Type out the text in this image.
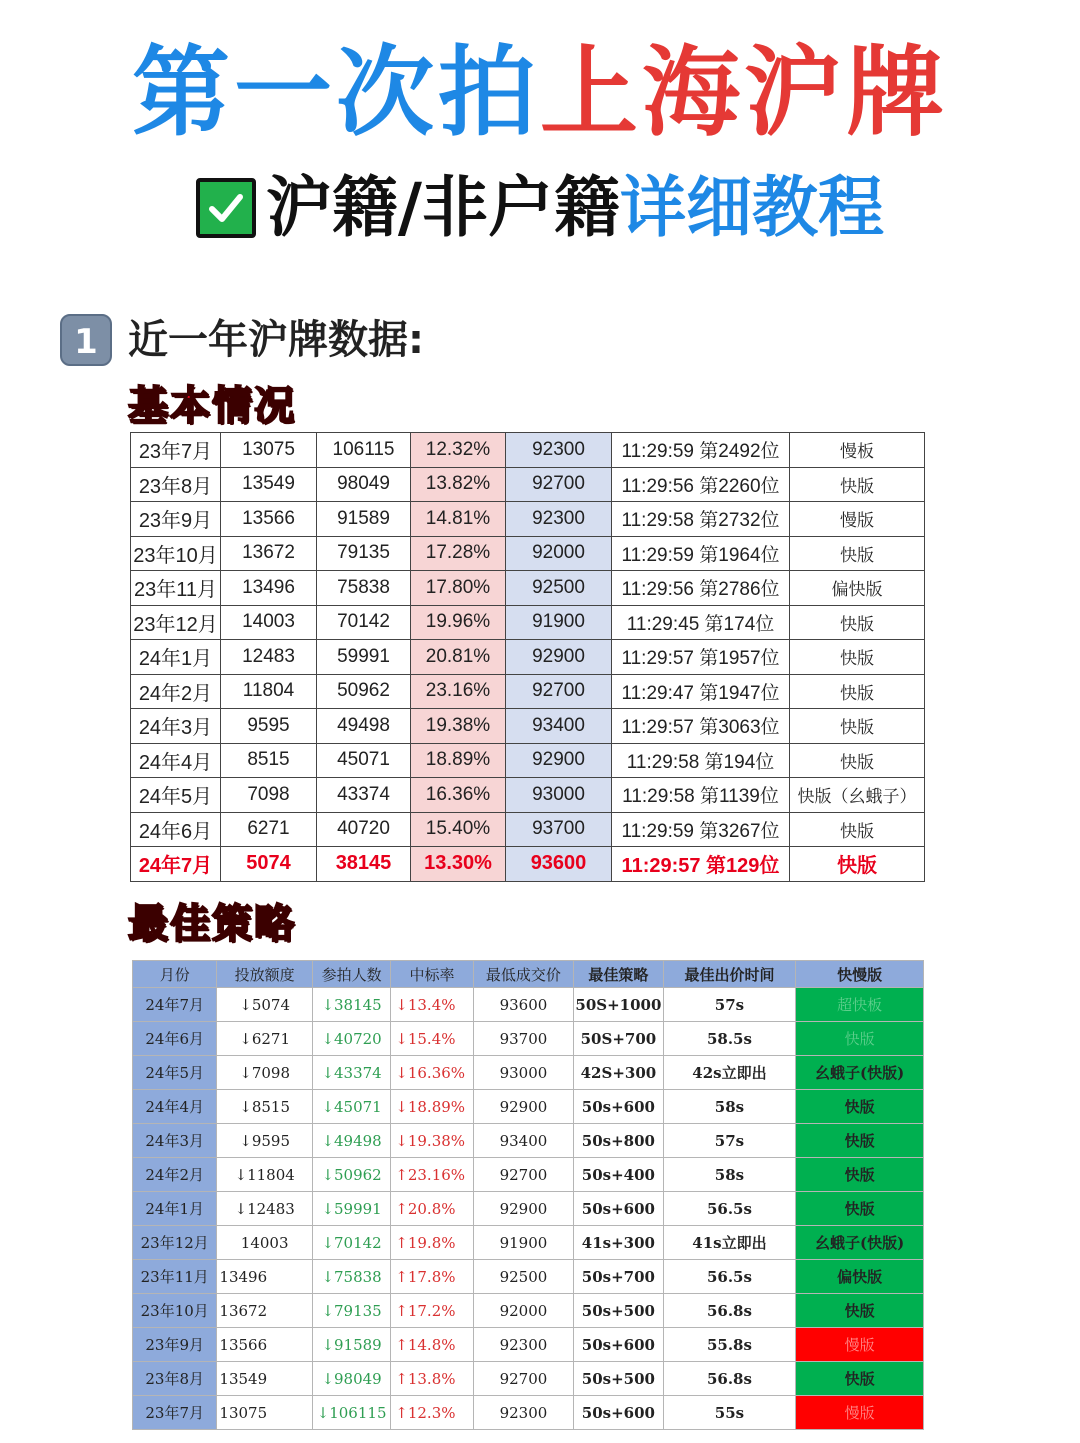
第一次拍上海沪牌
沪籍/非户籍详细教程
1 近一年沪牌数据:
基本情况
23年7月	13075	106115	12.32%	92300	11:29:59 第2492位	慢板
23年8月	13549	98049	13.82%	92700	11:29:56 第2260位	快版
23年9月	13566	91589	14.81%	92300	11:29:58 第2732位	慢版
23年10月	13672	79135	17.28%	92000	11:29:59 第1964位	快版
23年11月	13496	75838	17.80%	92500	11:29:56 第2786位	偏快版
23年12月	14003	70142	19.96%	91900	11:29:45 第174位	快版
24年1月	12483	59991	20.81%	92900	11:29:57 第1957位	快版
24年2月	11804	50962	23.16%	92700	11:29:47 第1947位	快版
24年3月	9595	49498	19.38%	93400	11:29:57 第3063位	快版
24年4月	8515	45071	18.89%	92900	11:29:58 第194位	快版
24年5月	7098	43374	16.36%	93000	11:29:58 第1139位	快版（幺蛾子）
24年6月	6271	40720	15.40%	93700	11:29:59 第3267位	快版
24年7月	5074	38145	13.30%	93600	11:29:57 第129位	快版
最佳策略
月份	投放额度	参拍人数	中标率	最低成交价	最佳策略	最佳出价时间	快慢版
24年7月	↓5074	↓38145	↓13.4%	93600	50S+1000	57s	超快板
24年6月	↓6271	↓40720	↓15.4%	93700	50S+700	58.5s	快版
24年5月	↓7098	↓43374	↓16.36%	93000	42S+300	42s立即出	幺蛾子(快版)
24年4月	↓8515	↓45071	↓18.89%	92900	50s+600	58s	快版
24年3月	↓9595	↓49498	↓19.38%	93400	50s+800	57s	快版
24年2月	↓11804	↓50962	↑23.16%	92700	50s+400	58s	快版
24年1月	↓12483	↓59991	↑20.8%	92900	50s+600	56.5s	快版
23年12月	14003	↓70142	↑19.8%	91900	41s+300	41s立即出	幺蛾子(快版)
23年11月	13496	↓75838	↑17.8%	92500	50s+700	56.5s	偏快版
23年10月	13672	↓79135	↑17.2%	92000	50s+500	56.8s	快版
23年9月	13566	↓91589	↑14.8%	92300	50s+600	55.8s	慢版
23年8月	13549	↓98049	↑13.8%	92700	50s+500	56.8s	快版
23年7月	13075	↓106115	↑12.3%	92300	50s+600	55s	慢版
